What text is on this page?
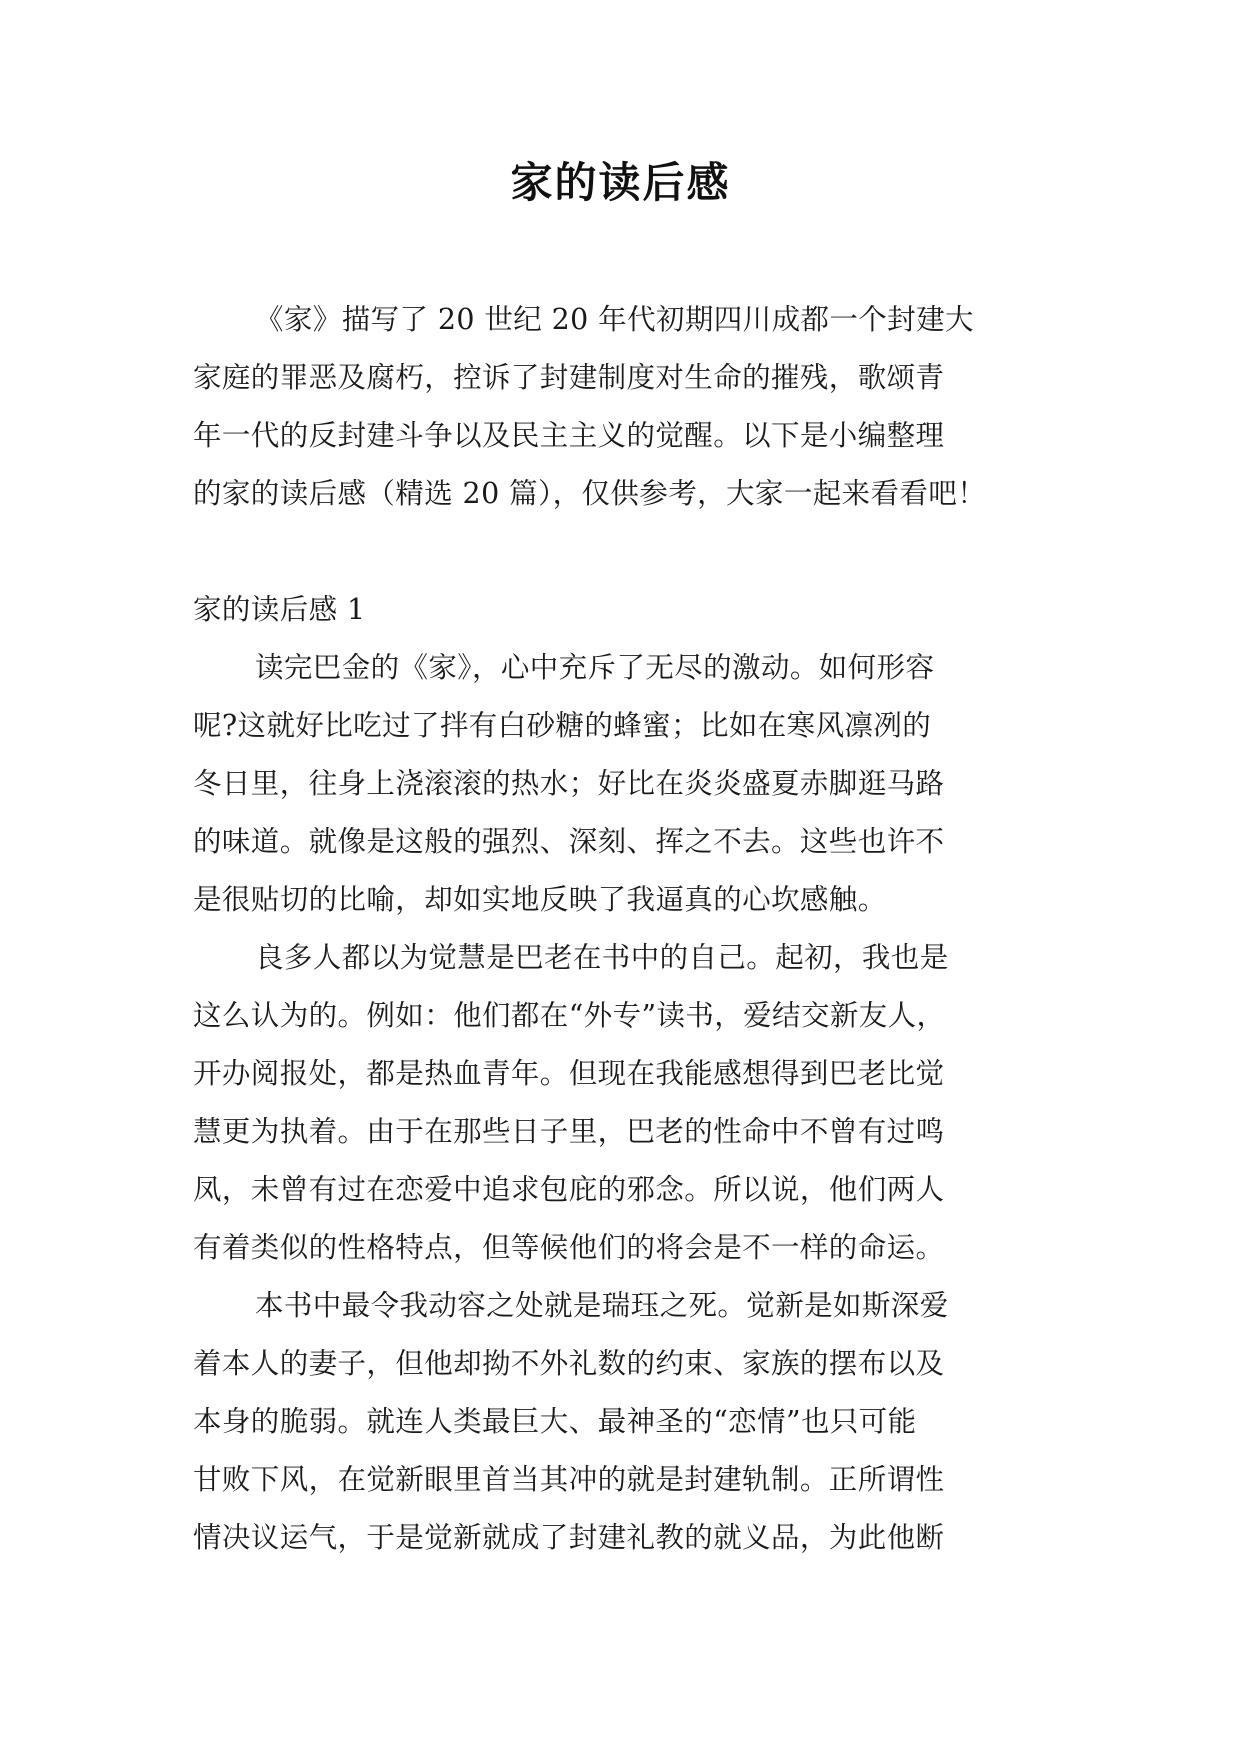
家的读后感
《家》描写了 20 世纪 20 年代初期四川成都一个封建大
家庭的罪恶及腐朽，控诉了封建制度对生命的摧残，歌颂青
年一代的反封建斗争以及民主主义的觉醒。以下是小编整理
的家的读后感（精选 20 篇），仅供参考，大家一起来看看吧！
家的读后感 1
读完巴金的《家》，心中充斥了无尽的激动。如何形容
呢?这就好比吃过了拌有白砂糖的蜂蜜；比如在寒风凛冽的
冬日里，往身上浇滚滚的热水；好比在炎炎盛夏赤脚逛马路
的味道。就像是这般的强烈、深刻、挥之不去。这些也许不
是很贴切的比喻，却如实地反映了我逼真的心坎感触。
良多人都以为觉慧是巴老在书中的自己。起初，我也是
这么认为的。例如：他们都在“外专”读书，爱结交新友人，
开办阅报处，都是热血青年。但现在我能感想得到巴老比觉
慧更为执着。由于在那些日子里，巴老的性命中不曾有过鸣
凤，未曾有过在恋爱中追求包庇的邪念。所以说，他们两人
有着类似的性格特点，但等候他们的将会是不一样的命运。
本书中最令我动容之处就是瑞珏之死。觉新是如斯深爱
着本人的妻子，但他却拗不外礼数的约束、家族的摆布以及
本身的脆弱。就连人类最巨大、最神圣的“恋情”也只可能
甘败下风，在觉新眼里首当其冲的就是封建轨制。正所谓性
情决议运气，于是觉新就成了封建礼教的就义品，为此他断
